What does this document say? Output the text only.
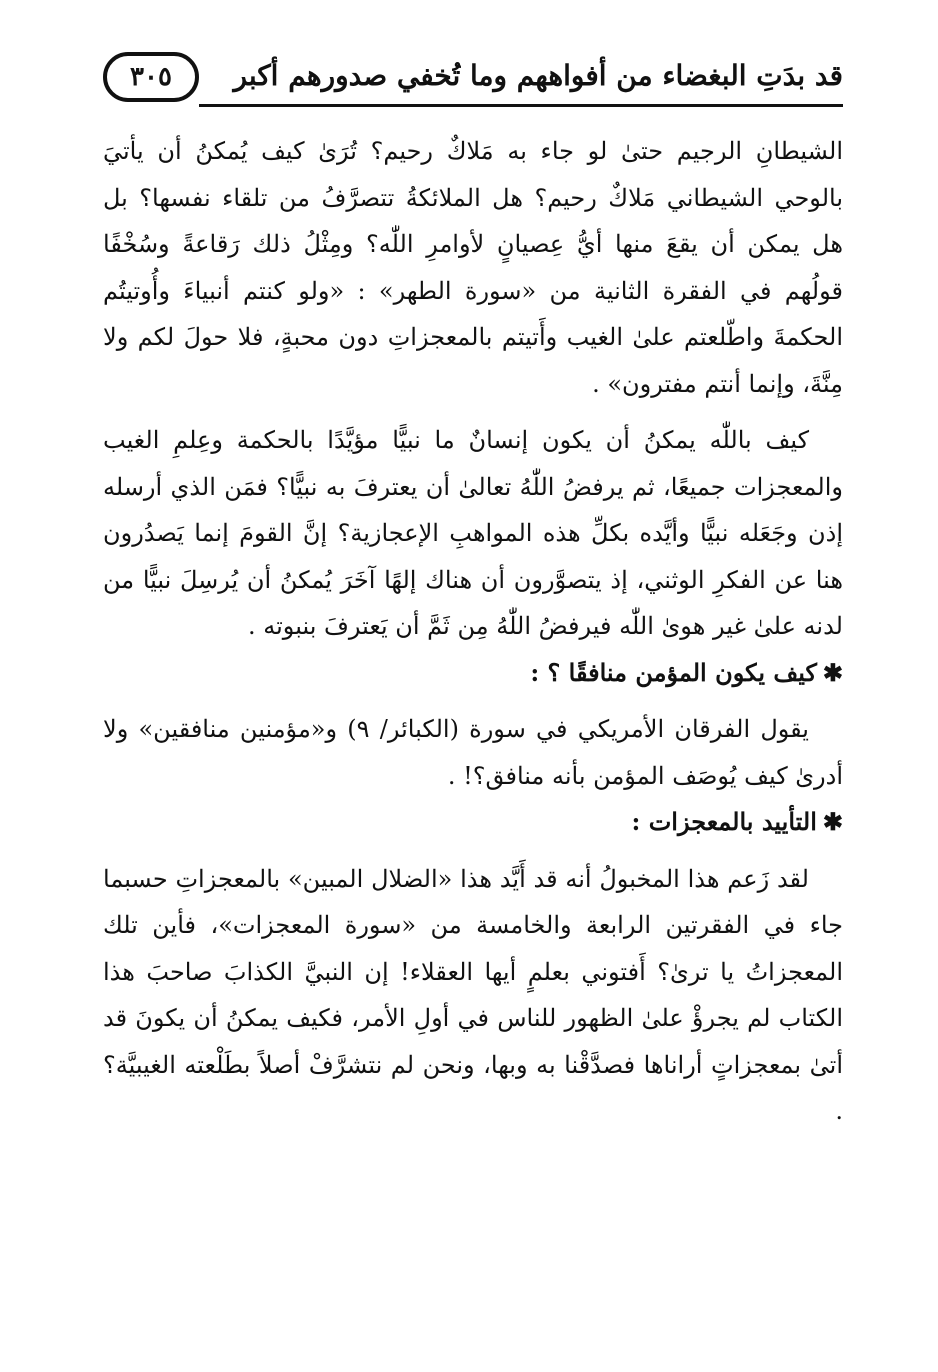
قد بدَتِ البغضاء من أفواههم وما تُخفي صدورهم أكبر
٣٠٥

الشيطانِ الرجيم حتىٰ لو جاء به مَلاكٌ رحيم؟ تُرَىٰ كيف يُمكنُ أن يأتيَ بالوحي الشيطاني مَلاكٌ رحيم؟ هل الملائكةُ تتصرَّفُ من تلقاء نفسها؟ بل هل يمكن أن يقعَ منها أيُّ عِصيانٍ لأوامرِ اللّٰه؟ ومِثْلُ ذلك رَقاعةً وسُخْفًا قولُهم في الفقرة الثانية من «سورة الطهر» : «ولو كنتم أنبياءَ وأُوتيتُم الحكمةَ واطّلعتم علىٰ الغيب وأَتيتم بالمعجزاتِ دون محبةٍ، فلا حولَ لكم ولا مِنَّةَ، وإنما أنتم مفترون» .

كيف باللّٰه يمكنُ أن يكون إنسانٌ ما نبيًّا مؤيَّدًا بالحكمة وعِلمِ الغيب والمعجزات جميعًا، ثم يرفضُ اللّٰهُ تعالىٰ أن يعترفَ به نبيًّا؟ فمَن الذي أرسله إذن وجَعَله نبيًّا وأيَّده بكلِّ هذه المواهبِ الإعجازية؟ إنَّ القومَ إنما يَصدُرون هنا عن الفكرِ الوثني، إذ يتصوَّرون أن هناك إلهًا آخَرَ يُمكنُ أن يُرسِلَ نبيًّا من لدنه علىٰ غير هوىٰ اللّٰه فيرفضُ اللّٰهُ مِن ثَمَّ أن يَعترفَ بنبوته .

✱كيف يكون المؤمن منافقًا ؟ :

يقول الفرقان الأمريكي في سورة (الكبائر/ ٩) و«مؤمنين منافقين» ولا أدرىٰ كيف يُوصَف المؤمن بأنه منافق؟! .

✱التأييد بالمعجزات :

لقد زَعم هذا المخبولُ أنه قد أَيَّد هذا «الضلال المبين» بالمعجزاتِ حسبما جاء في الفقرتين الرابعة والخامسة من «سورة المعجزات»، فأين تلك المعجزاتُ يا ترىٰ؟ أَفتوني بعلمٍ أيها العقلاء! إن النبيَّ الكذابَ صاحبَ هذا الكتاب لم يجرؤْ علىٰ الظهور للناس في أولِ الأمر، فكيف يمكنُ أن يكونَ قد أتىٰ بمعجزاتٍ أراناها فصدَّقْنا به وبها، ونحن لم نتشرَّفْ أصلاً بطَلْعته الغيبيَّة؟ .
